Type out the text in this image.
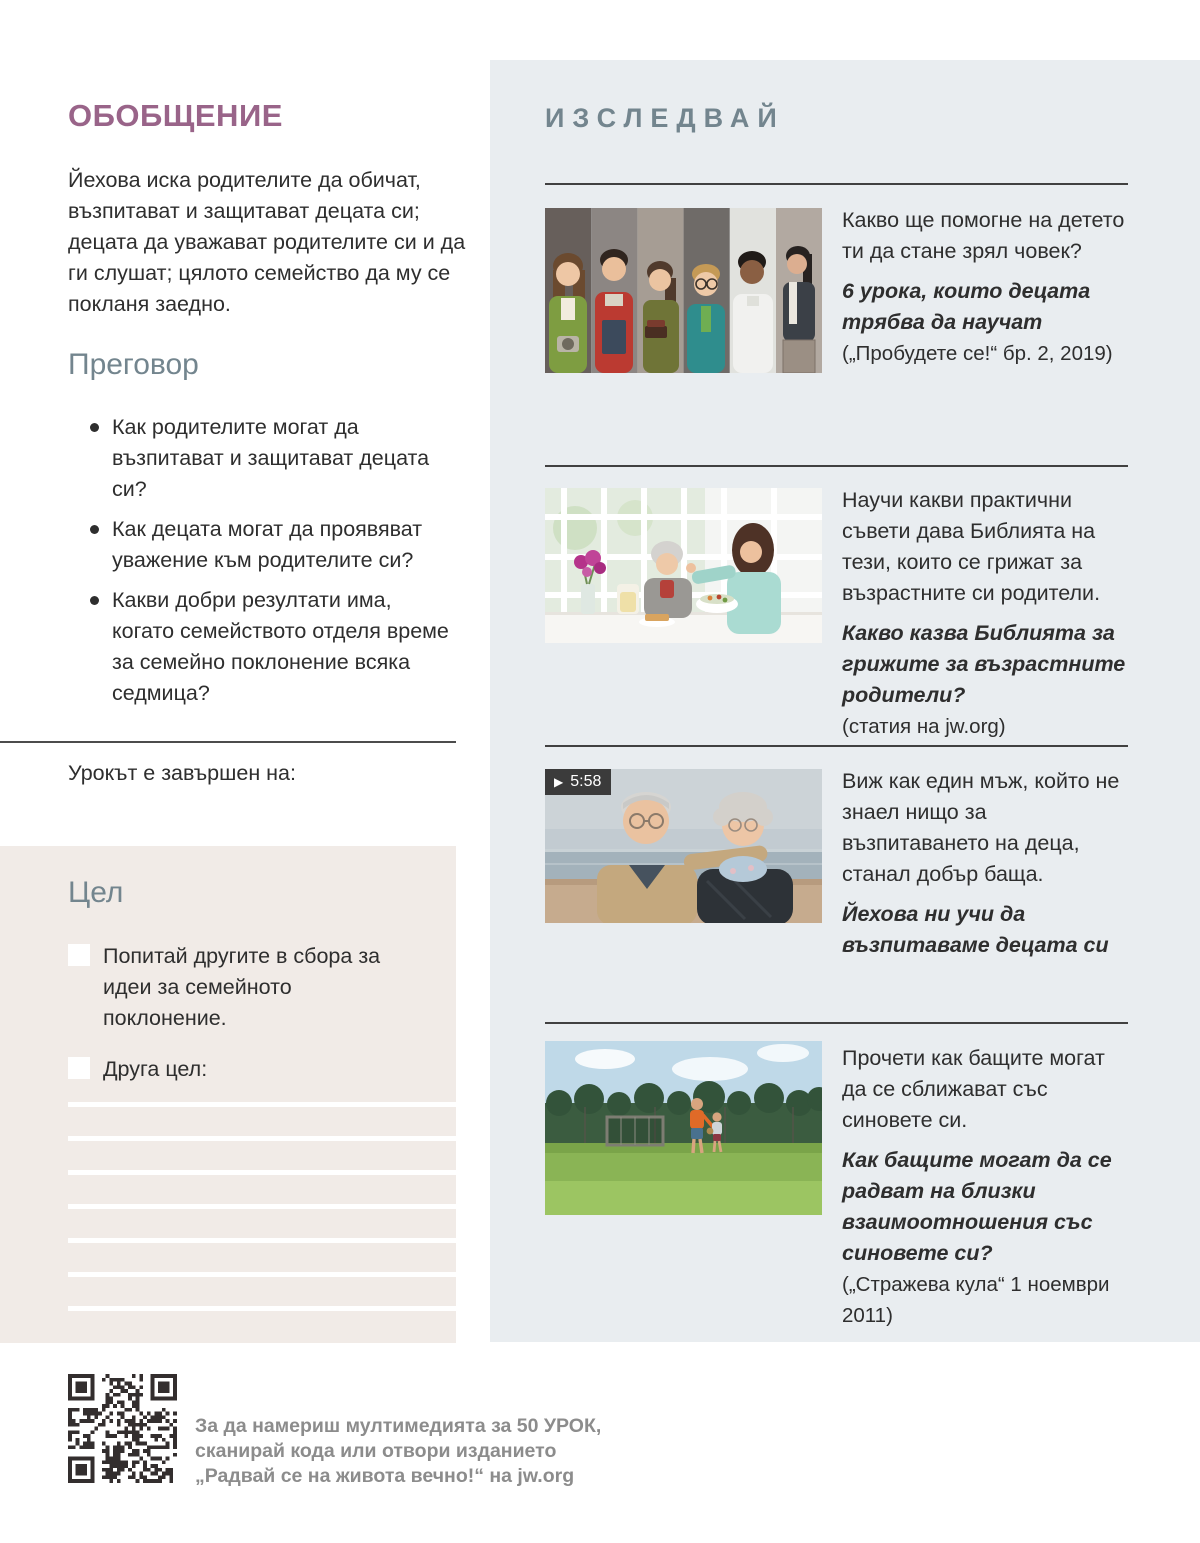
ОБОБЩЕНИЕ
Йехова иска родителите да обичат, възпитават и защитават децата си; децата да уважават родителите си и да ги слушат; цялото семейство да му се покланя заедно.
Преговор
Как родителите могат да възпитават и защитават децата си?
Как децата могат да проявяват уважение към родителите си?
Какви добри резултати има, когато семейството отделя време за семейно поклонение всяка седмица?
Урокът е завършен на:
Цел
Попитай другите в сбора за идеи за семейното поклонение.
Друга цел:
ИЗСЛЕДВАЙ

Какво ще помогне на детето ти да стане зрял човек?

6 урока, които децата трябва да научат

(„Пробудете се!“ бр. 2, 2019)

Научи какви практични съвети дава Библията на тези, които се грижат за възрастните си родители.

Какво казва Библията за грижите за възрастните родители?

(статия на jw.org)

▶ 5:58	Виж как един мъж, който не знаел нищо за възпитаването на деца, станал добър баща.

Йехова ни учи да възпитаваме децата си

Прочети как бащите могат да се сближават със синовете си.

Как бащите могат да се радват на близки взаимоотношения със синовете си?

(„Стражева кула“ 1 ноември 2011)

За да намериш мултимедията за 50 УРОК,
сканирай кода или отвори изданието
„Радвай се на живота вечно!“ на jw.org
